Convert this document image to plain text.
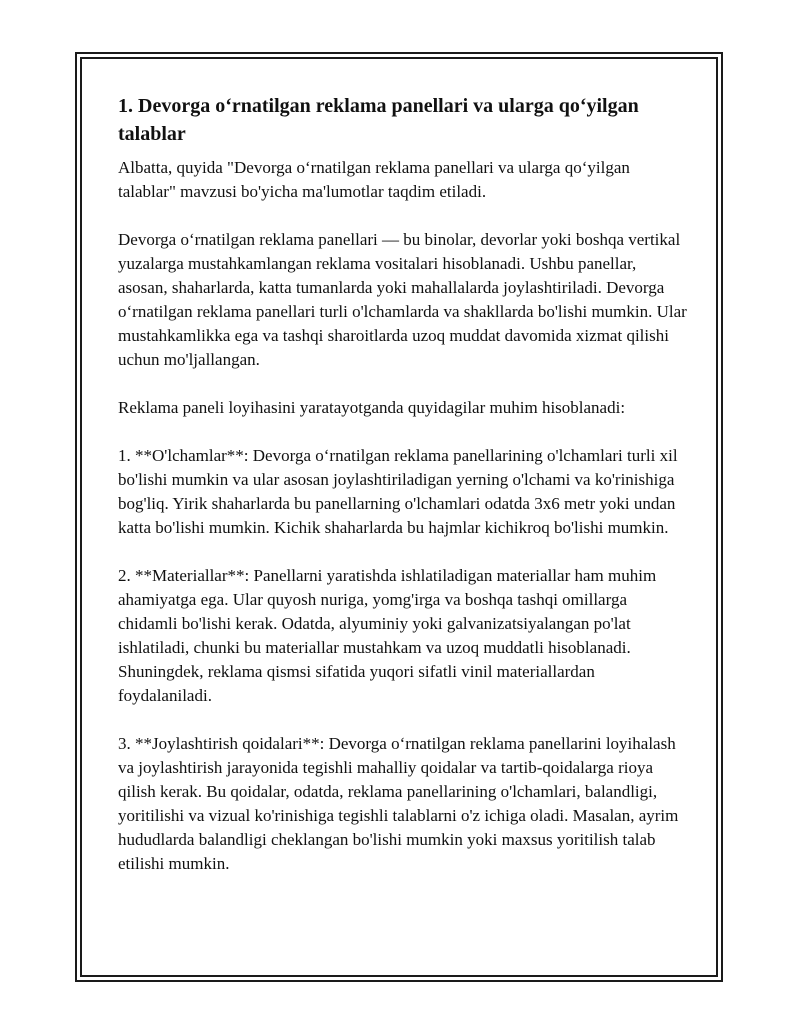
1. Devorga o‘rnatilgan reklama panellari va ularga qo‘yilgan talablar

Albatta, quyida "Devorga o‘rnatilgan reklama panellari va ularga qo‘yilgan talablar" mavzusi bo'yicha ma'lumotlar taqdim etiladi.

Devorga o‘rnatilgan reklama panellari — bu binolar, devorlar yoki boshqa vertikal yuzalarga mustahkamlangan reklama vositalari hisoblanadi. Ushbu panellar, asosan, shaharlarda, katta tumanlarda yoki mahallalarda joylashtiriladi. Devorga o‘rnatilgan reklama panellari turli o'lchamlarda va shakllarda bo'lishi mumkin. Ular mustahkamlikka ega va tashqi sharoitlarda uzoq muddat davomida xizmat qilishi uchun mo'ljallangan.

Reklama paneli loyihasini yaratayotganda quyidagilar muhim hisoblanadi:

1. **O'lchamlar**: Devorga o‘rnatilgan reklama panellarining o'lchamlari turli xil bo'lishi mumkin va ular asosan joylashtiriladigan yerning o'lchami va ko'rinishiga bog'liq. Yirik shaharlarda bu panellarning o'lchamlari odatda 3x6 metr yoki undan katta bo'lishi mumkin. Kichik shaharlarda bu hajmlar kichikroq bo'lishi mumkin.

2. **Materiallar**: Panellarni yaratishda ishlatiladigan materiallar ham muhim ahamiyatga ega. Ular quyosh nuriga, yomg'irga va boshqa tashqi omillarga chidamli bo'lishi kerak. Odatda, alyuminiy yoki galvanizatsiyalangan po'lat ishlatiladi, chunki bu materiallar mustahkam va uzoq muddatli hisoblanadi. Shuningdek, reklama qismsi sifatida yuqori sifatli vinil materiallardan foydalaniladi.

3. **Joylashtirish qoidalari**: Devorga o‘rnatilgan reklama panellarini loyihalash va joylashtirish jarayonida tegishli mahalliy qoidalar va tartib-qoidalarga rioya qilish kerak. Bu qoidalar, odatda, reklama panellarining o'lchamlari, balandligi, yoritilishi va vizual ko'rinishiga tegishli talablarni o'z ichiga oladi. Masalan, ayrim hududlarda balandligi cheklangan bo'lishi mumkin yoki maxsus yoritilish talab etilishi mumkin.
